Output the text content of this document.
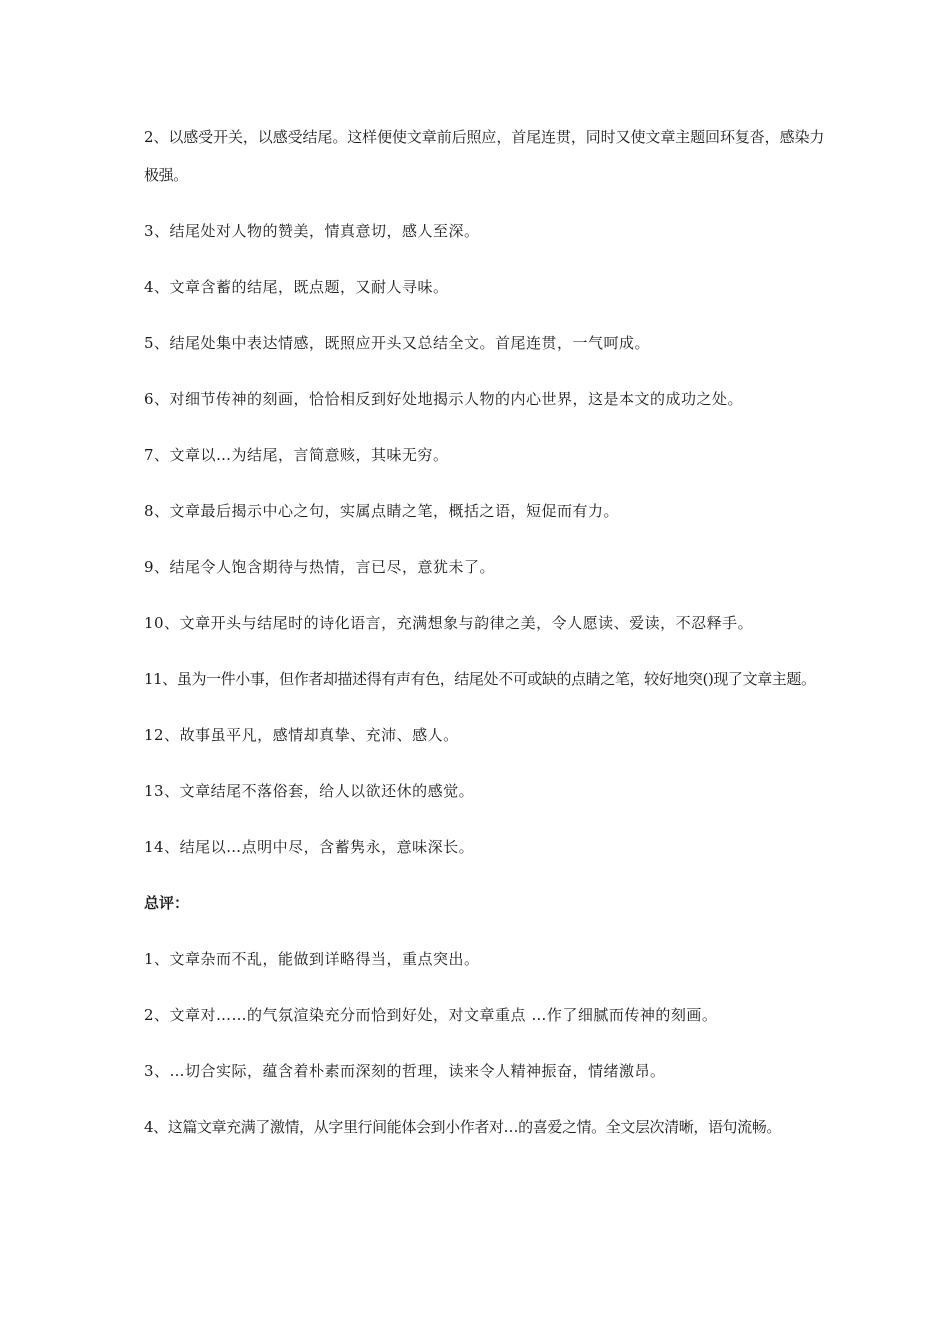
2、以感受开关，以感受结尾。这样便使文章前后照应，首尾连贯，同时又使文章主题回环复沓，感染力极强。

3、结尾处对人物的赞美，情真意切，感人至深。

4、文章含蓄的结尾，既点题，又耐人寻味。

5、结尾处集中表达情感，既照应开头又总结全文。首尾连贯，一气呵成。

6、对细节传神的刻画，恰恰相反到好处地揭示人物的内心世界，这是本文的成功之处。

7、文章以…为结尾，言简意赅，其味无穷。

8、文章最后揭示中心之句，实属点睛之笔，概括之语，短促而有力。

9、结尾令人饱含期待与热情，言已尽，意犹未了。

10、文章开头与结尾时的诗化语言，充满想象与韵律之美，令人愿读、爱读，不忍释手。

11、虽为一件小事，但作者却描述得有声有色，结尾处不可或缺的点睛之笔，较好地突()现了文章主题。

12、故事虽平凡，感情却真挚、充沛、感人。

13、文章结尾不落俗套，给人以欲还休的感觉。

14、结尾以…点明中尽，含蓄隽永，意味深长。

总评：

1、文章杂而不乱，能做到详略得当，重点突出。

2、文章对……的气氛渲染充分而恰到好处，对文章重点 …作了细腻而传神的刻画。

3、…切合实际，蕴含着朴素而深刻的哲理，读来令人精神振奋，情绪激昂。

4、这篇文章充满了激情，从字里行间能体会到小作者对…的喜爱之情。全文层次清晰，语句流畅。
